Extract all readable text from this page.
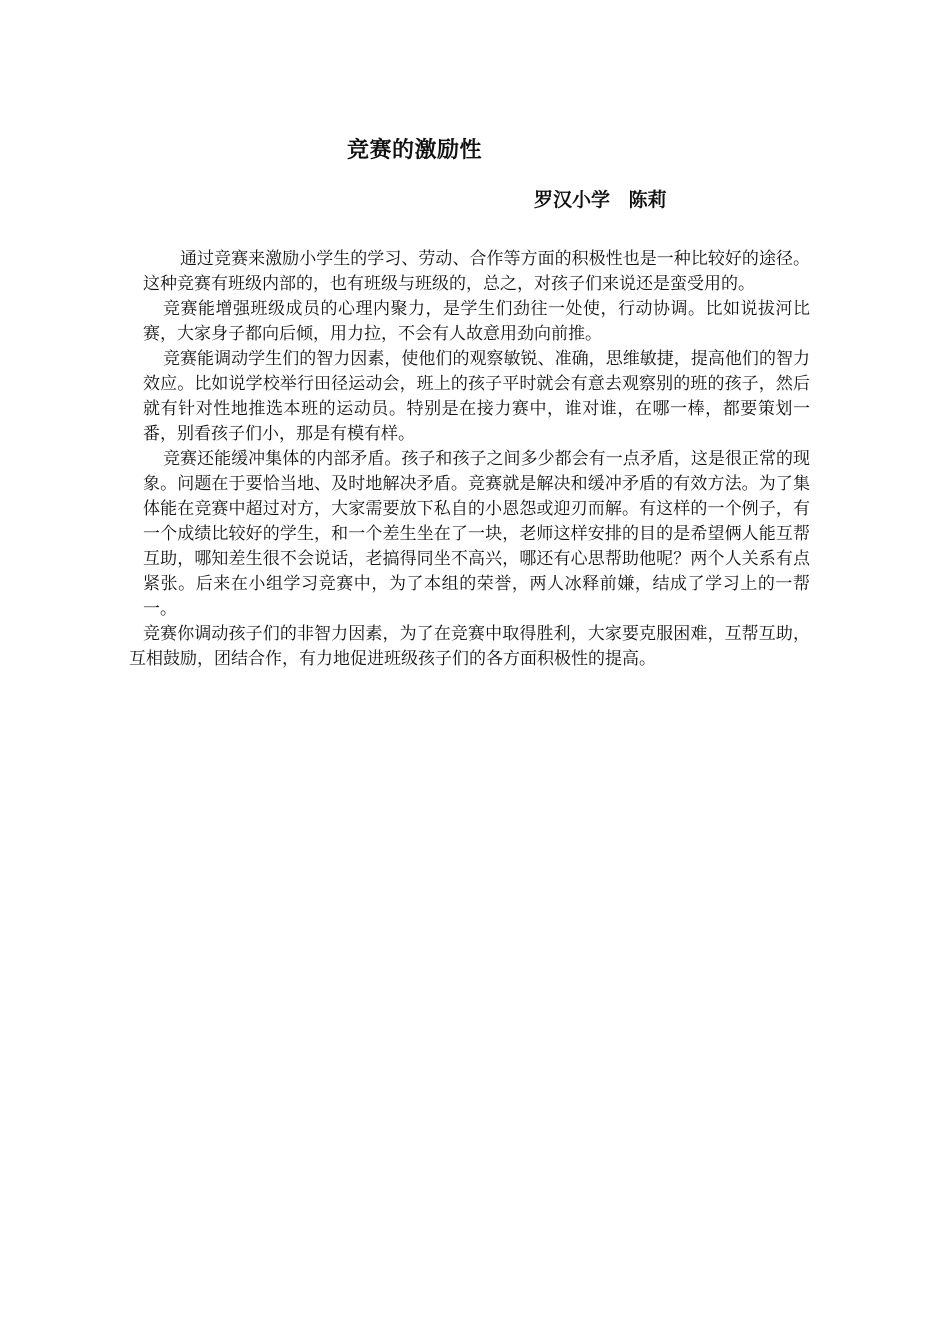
竞赛的激励性
罗汉小学 陈莉

通过竞赛来激励小学生的学习、劳动、合作等方面的积极性也是一种比较好的途径。这种竞赛有班级内部的，也有班级与班级的，总之，对孩子们来说还是蛮受用的。

竞赛能增强班级成员的心理内聚力，是学生们劲往一处使，行动协调。比如说拔河比赛，大家身子都向后倾，用力拉，不会有人故意用劲向前推。

竞赛能调动学生们的智力因素，使他们的观察敏锐、准确，思维敏捷，提高他们的智力效应。比如说学校举行田径运动会，班上的孩子平时就会有意去观察别的班的孩子，然后就有针对性地推选本班的运动员。特别是在接力赛中，谁对谁，在哪一棒，都要策划一番，别看孩子们小，那是有模有样。

竞赛还能缓冲集体的内部矛盾。孩子和孩子之间多少都会有一点矛盾，这是很正常的现象。问题在于要恰当地、及时地解决矛盾。竞赛就是解决和缓冲矛盾的有效方法。为了集体能在竞赛中超过对方，大家需要放下私自的小恩怨或迎刃而解。有这样的一个例子，有一个成绩比较好的学生，和一个差生坐在了一块，老师这样安排的目的是希望俩人能互帮互助，哪知差生很不会说话，老搞得同坐不高兴，哪还有心思帮助他呢？两个人关系有点紧张。后来在小组学习竞赛中，为了本组的荣誉，两人冰释前嫌，结成了学习上的一帮一。

竞赛你调动孩子们的非智力因素，为了在竞赛中取得胜利，大家要克服困难，互帮互助，互相鼓励，团结合作，有力地促进班级孩子们的各方面积极性的提高。
